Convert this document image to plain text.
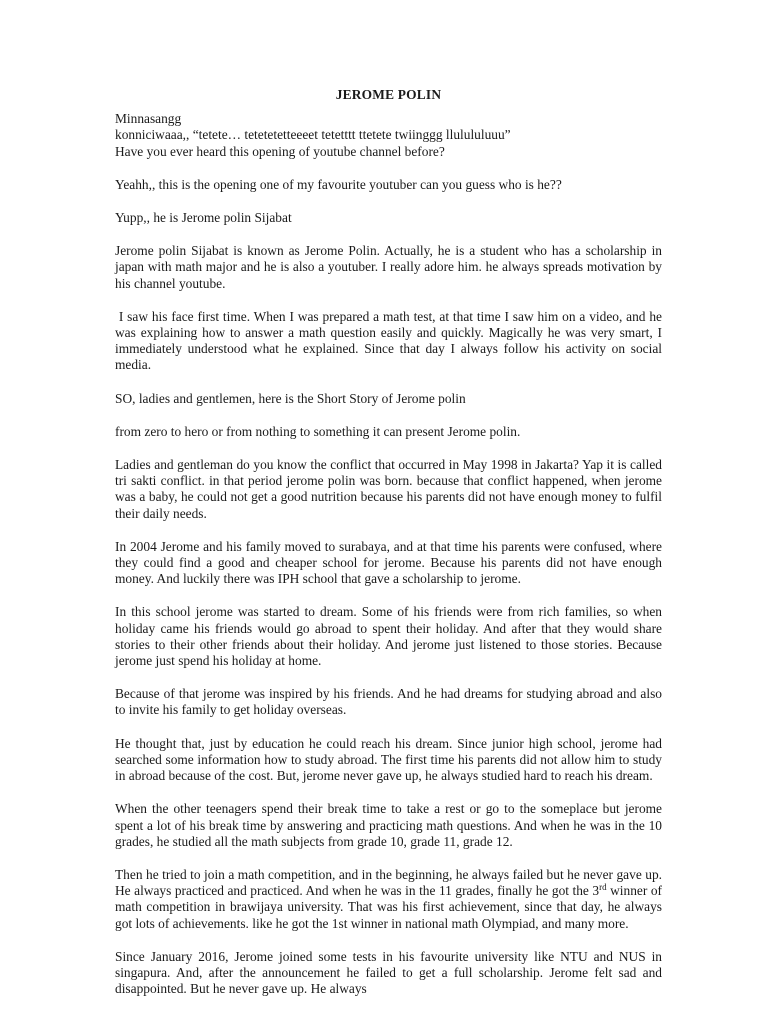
JEROME POLIN

Minnasangg
konniciwaaa,, “tetete… tetetetetteeeet tetetttt ttetete twiinggg llulululuuu”
Have you ever heard this opening of youtube channel before?

Yeahh,, this is the opening one of my favourite youtuber can you guess who is he??

Yupp,, he is Jerome polin Sijabat

Jerome polin Sijabat is known as Jerome Polin. Actually, he is a student who has a scholarship in japan with math major and he is also a youtuber. I really adore him. he always spreads motivation by his channel youtube.

I saw his face first time. When I was prepared a math test, at that time I saw him on a video, and he was explaining how to answer a math question easily and quickly. Magically he was very smart, I immediately understood what he explained. Since that day I always follow his activity on social media.

SO, ladies and gentlemen, here is the Short Story of Jerome polin

from zero to hero or from nothing to something it can present Jerome polin.

Ladies and gentleman do you know the conflict that occurred in May 1998 in Jakarta? Yap it is called tri sakti conflict. in that period jerome polin was born. because that conflict happened, when jerome was a baby, he could not get a good nutrition because his parents did not have enough money to fulfil their daily needs.

In 2004 Jerome and his family moved to surabaya, and at that time his parents were confused, where they could find a good and cheaper school for jerome. Because his parents did not have enough money. And luckily there was IPH school that gave a scholarship to jerome.

In this school jerome was started to dream. Some of his friends were from rich families, so when holiday came his friends would go abroad to spent their holiday. And after that they would share stories to their other friends about their holiday. And jerome just listened to those stories. Because jerome just spend his holiday at home.

Because of that jerome was inspired by his friends. And he had dreams for studying abroad and also to invite his family to get holiday overseas.

He thought that, just by education he could reach his dream. Since junior high school, jerome had searched some information how to study abroad. The first time his parents did not allow him to study in abroad because of the cost. But, jerome never gave up, he always studied hard to reach his dream.

When the other teenagers spend their break time to take a rest or go to the someplace but jerome spent a lot of his break time by answering and practicing math questions. And when he was in the 10 grades, he studied all the math subjects from grade 10, grade 11, grade 12.

Then he tried to join a math competition, and in the beginning, he always failed but he never gave up. He always practiced and practiced. And when he was in the 11 grades, finally he got the 3rd winner of math competition in brawijaya university. That was his first achievement, since that day, he always got lots of achievements. like he got the 1st winner in national math Olympiad, and many more.

Since January 2016, Jerome joined some tests in his favourite university like NTU and NUS in singapura. And, after the announcement he failed to get a full scholarship. Jerome felt sad and disappointed. But he never gave up. He always
